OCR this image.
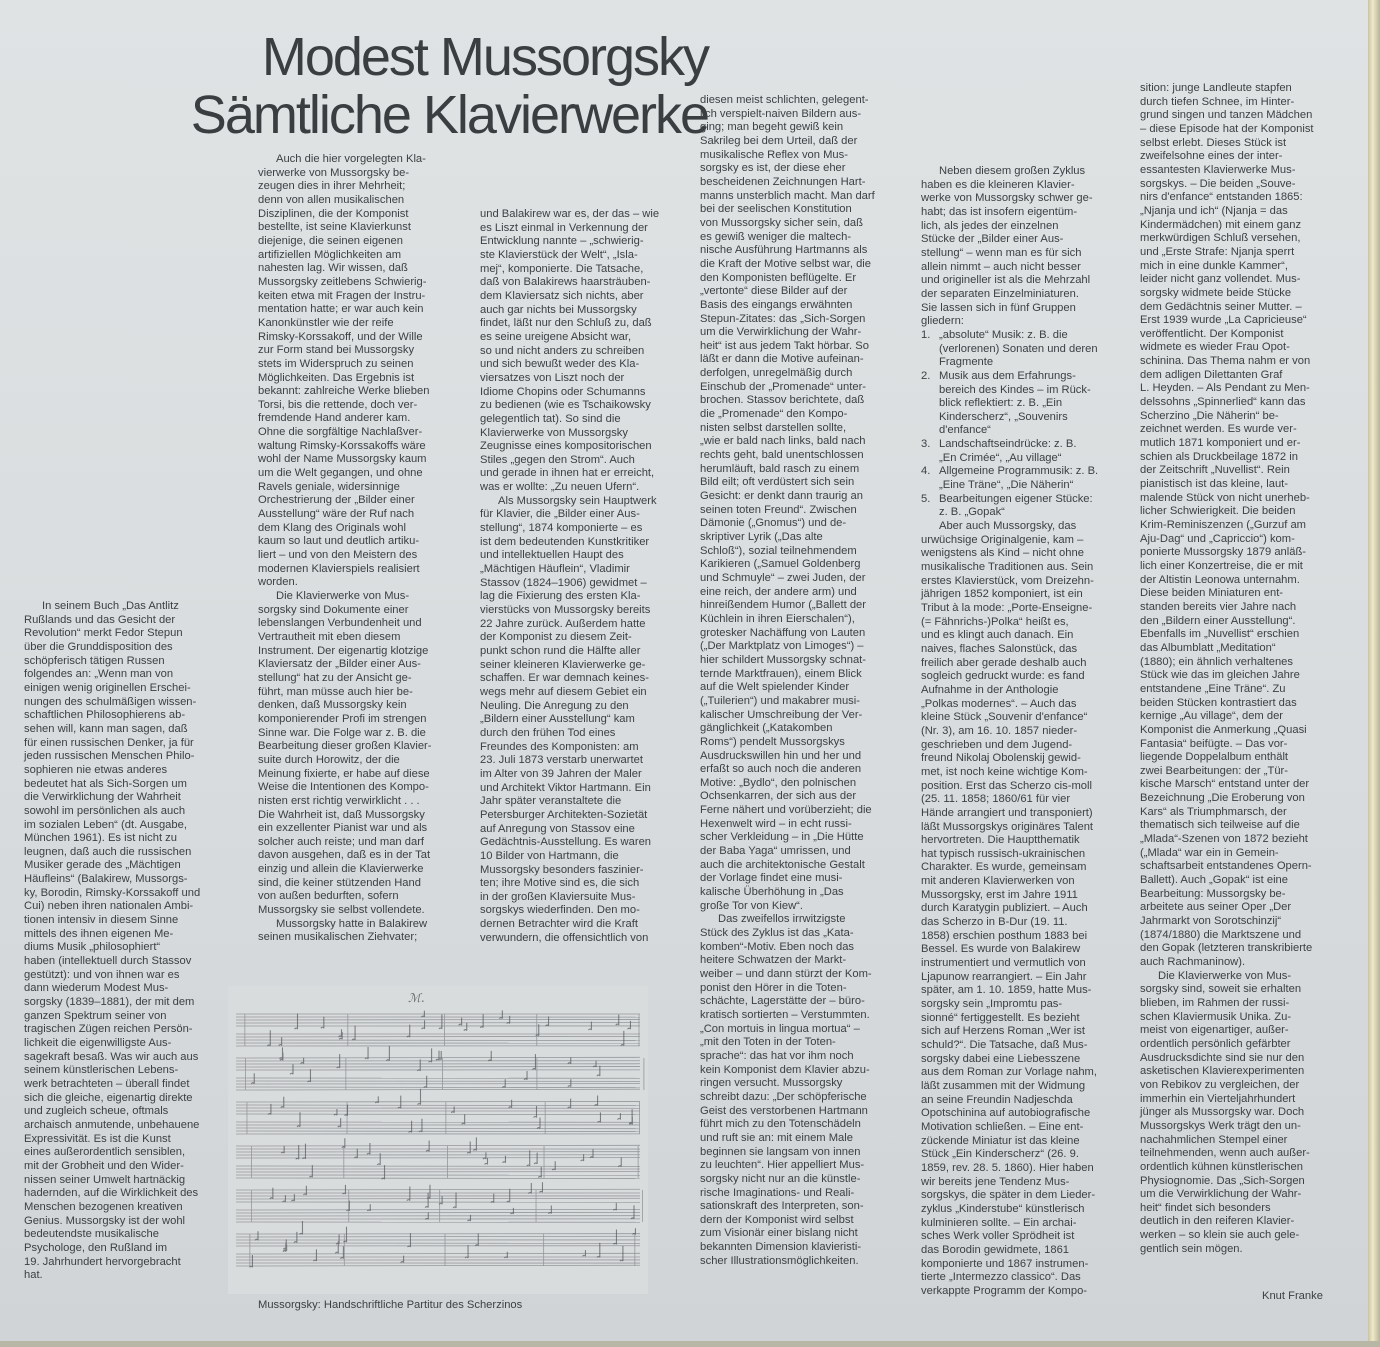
Modest Mussorgsky
Sämtliche Klavierwerke

In seinem Buch „Das Antlitz
Rußlands und das Gesicht der
Revolution“ merkt Fedor Stepun
über die Grunddisposition des
schöpferisch tätigen Russen
folgendes an: „Wenn man von
einigen wenig originellen Erschei-
nungen des schulmäßigen wissen-
schaftlichen Philosophierens ab-
sehen will, kann man sagen, daß
für einen russischen Denker, ja für
jeden russischen Menschen Philo-
sophieren nie etwas anderes
bedeutet hat als Sich-Sorgen um
die Verwirklichung der Wahrheit
sowohl im persönlichen als auch
im sozialen Leben“ (dt. Ausgabe,
München 1961). Es ist nicht zu
leugnen, daß auch die russischen
Musiker gerade des „Mächtigen
Häufleins“ (Balakirew, Mussorgs-
ky, Borodin, Rimsky-Korssakoff und
Cui) neben ihren nationalen Ambi-
tionen intensiv in diesem Sinne
mittels des ihnen eigenen Me-
diums Musik „philosophiert“
haben (intellektuell durch Stassov
gestützt): und von ihnen war es
dann wiederum Modest Mus-
sorgsky (1839–1881), der mit dem
ganzen Spektrum seiner von
tragischen Zügen reichen Persön-
lichkeit die eigenwilligste Aus-
sagekraft besaß. Was wir auch aus
seinem künstlerischen Lebens-
werk betrachteten – überall findet
sich die gleiche, eigenartig direkte
und zugleich scheue, oftmals
archaisch anmutende, unbehauene
Expressivität. Es ist die Kunst
eines außerordentlich sensiblen,
mit der Grobheit und den Wider-
nissen seiner Umwelt hartnäckig
hadernden, auf die Wirklichkeit des
Menschen bezogenen kreativen
Genius. Mussorgsky ist der wohl
bedeutendste musikalische
Psychologe, den Rußland im
19. Jahrhundert hervorgebracht
hat.

Auch die hier vorgelegten Kla-
vierwerke von Mussorgsky be-
zeugen dies in ihrer Mehrheit;
denn von allen musikalischen
Disziplinen, die der Komponist
bestellte, ist seine Klavierkunst
diejenige, die seinen eigenen
artifiziellen Möglichkeiten am
nahesten lag. Wir wissen, daß
Mussorgsky zeitlebens Schwierig-
keiten etwa mit Fragen der Instru-
mentation hatte; er war auch kein
Kanonkünstler wie der reife
Rimsky-Korssakoff, und der Wille
zur Form stand bei Mussorgsky
stets im Widerspruch zu seinen
Möglichkeiten. Das Ergebnis ist
bekannt: zahlreiche Werke blieben
Torsi, bis die rettende, doch ver-
fremdende Hand anderer kam.
Ohne die sorgfältige Nachlaßver-
waltung Rimsky-Korssakoffs wäre
wohl der Name Mussorgsky kaum
um die Welt gegangen, und ohne
Ravels geniale, widersinnige
Orchestrierung der „Bilder einer
Ausstellung“ wäre der Ruf nach
dem Klang des Originals wohl
kaum so laut und deutlich artiku-
liert – und von den Meistern des
modernen Klavierspiels realisiert
worden.

Die Klavierwerke von Mus-
sorgsky sind Dokumente einer
lebenslangen Verbundenheit und
Vertrautheit mit eben diesem
Instrument. Der eigenartig klotzige
Klaviersatz der „Bilder einer Aus-
stellung“ hat zu der Ansicht ge-
führt, man müsse auch hier be-
denken, daß Mussorgsky kein
komponierender Profi im strengen
Sinne war. Die Folge war z. B. die
Bearbeitung dieser großen Klavier-
suite durch Horowitz, der die
Meinung fixierte, er habe auf diese
Weise die Intentionen des Kompo-
nisten erst richtig verwirklicht . . .
Die Wahrheit ist, daß Mussorgsky
ein exzellenter Pianist war und als
solcher auch reiste; und man darf
davon ausgehen, daß es in der Tat
einzig und allein die Klavierwerke
sind, die keiner stützenden Hand
von außen bedurften, sofern
Mussorgsky sie selbst vollendete.

Mussorgsky hatte in Balakirew
seinen musikalischen Ziehvater;

und Balakirew war es, der das – wie
es Liszt einmal in Verkennung der
Entwicklung nannte – „schwierig-
ste Klavierstück der Welt“, „Isla-
mej“, komponierte. Die Tatsache,
daß von Balakirews haarsträuben-
dem Klaviersatz sich nichts, aber
auch gar nichts bei Mussorgsky
findet, läßt nur den Schluß zu, daß
es seine ureigene Absicht war,
so und nicht anders zu schreiben
und sich bewußt weder des Kla-
viersatzes von Liszt noch der
Idiome Chopins oder Schumanns
zu bedienen (wie es Tschaikowsky
gelegentlich tat). So sind die
Klavierwerke von Mussorgsky
Zeugnisse eines kompositorischen
Stiles „gegen den Strom“. Auch
und gerade in ihnen hat er erreicht,
was er wollte: „Zu neuen Ufern“.

Als Mussorgsky sein Hauptwerk
für Klavier, die „Bilder einer Aus-
stellung“, 1874 komponierte – es
ist dem bedeutenden Kunstkritiker
und intellektuellen Haupt des
„Mächtigen Häuflein“, Vladimir
Stassov (1824–1906) gewidmet –
lag die Fixierung des ersten Kla-
vierstücks von Mussorgsky bereits
22 Jahre zurück. Außerdem hatte
der Komponist zu diesem Zeit-
punkt schon rund die Hälfte aller
seiner kleineren Klavierwerke ge-
schaffen. Er war demnach keines-
wegs mehr auf diesem Gebiet ein
Neuling. Die Anregung zu den
„Bildern einer Ausstellung“ kam
durch den frühen Tod eines
Freundes des Komponisten: am
23. Juli 1873 verstarb unerwartet
im Alter von 39 Jahren der Maler
und Architekt Viktor Hartmann. Ein
Jahr später veranstaltete die
Petersburger Architekten-Sozietät
auf Anregung von Stassov eine
Gedächtnis-Ausstellung. Es waren
10 Bilder von Hartmann, die
Mussorgsky besonders faszinier-
ten; ihre Motive sind es, die sich
in der großen Klaviersuite Mus-
sorgskys wiederfinden. Den mo-
dernen Betrachter wird die Kraft
verwundern, die offensichtlich von

diesen meist schlichten, gelegent-
lich verspielt-naiven Bildern aus-
ging; man begeht gewiß kein
Sakrileg bei dem Urteil, daß der
musikalische Reflex von Mus-
sorgsky es ist, der diese eher
bescheidenen Zeichnungen Hart-
manns unsterblich macht. Man darf
bei der seelischen Konstitution
von Mussorgsky sicher sein, daß
es gewiß weniger die maltech-
nische Ausführung Hartmanns als
die Kraft der Motive selbst war, die
den Komponisten beflügelte. Er
„vertonte“ diese Bilder auf der
Basis des eingangs erwähnten
Stepun-Zitates: das „Sich-Sorgen
um die Verwirklichung der Wahr-
heit“ ist aus jedem Takt hörbar. So
läßt er dann die Motive aufeinan-
derfolgen, unregelmäßig durch
Einschub der „Promenade“ unter-
brochen. Stassov berichtete, daß
die „Promenade“ den Kompo-
nisten selbst darstellen sollte,
„wie er bald nach links, bald nach
rechts geht, bald unentschlossen
herumläuft, bald rasch zu einem
Bild eilt; oft verdüstert sich sein
Gesicht: er denkt dann traurig an
seinen toten Freund“. Zwischen
Dämonie („Gnomus“) und de-
skriptiver Lyrik („Das alte
Schloß“), sozial teilnehmendem
Karikieren („Samuel Goldenberg
und Schmuyle“ – zwei Juden, der
eine reich, der andere arm) und
hinreißendem Humor („Ballett der
Küchlein in ihren Eierschalen“),
grotesker Nachäffung von Lauten
(„Der Marktplatz von Limoges“) –
hier schildert Mussorgsky schnat-
ternde Marktfrauen), einem Blick
auf die Welt spielender Kinder
(„Tuilerien“) und makabrer musi-
kalischer Umschreibung der Ver-
gänglichkeit („Katakomben
Roms“) pendelt Mussorgskys
Ausdruckswillen hin und her und
erfaßt so auch noch die anderen
Motive: „Bydlo“, den polnischen
Ochsenkarren, der sich aus der
Ferne nähert und vorüberzieht; die
Hexenwelt wird – in echt russi-
scher Verkleidung – in „Die Hütte
der Baba Yaga“ umrissen, und
auch die architektonische Gestalt
der Vorlage findet eine musi-
kalische Überhöhung in „Das
große Tor von Kiew“.

Das zweifellos irrwitzigste
Stück des Zyklus ist das „Kata-
komben“-Motiv. Eben noch das
heitere Schwatzen der Markt-
weiber – und dann stürzt der Kom-
ponist den Hörer in die Toten-
schächte, Lagerstätte der – büro-
kratisch sortierten – Verstummten.
„Con mortuis in lingua mortua“ –
„mit den Toten in der Toten-
sprache“: das hat vor ihm noch
kein Komponist dem Klavier abzu-
ringen versucht. Mussorgsky
schreibt dazu: „Der schöpferische
Geist des verstorbenen Hartmann
führt mich zu den Totenschädeln
und ruft sie an: mit einem Male
beginnen sie langsam von innen
zu leuchten“. Hier appelliert Mus-
sorgsky nicht nur an die künstle-
rische Imaginations- und Reali-
sationskraft des Interpreten, son-
dern der Komponist wird selbst
zum Visionär einer bislang nicht
bekannten Dimension klavieristi-
scher Illustrationsmöglichkeiten.

Neben diesem großen Zyklus
haben es die kleineren Klavier-
werke von Mussorgsky schwer ge-
habt; das ist insofern eigentüm-
lich, als jedes der einzelnen
Stücke der „Bilder einer Aus-
stellung“ – wenn man es für sich
allein nimmt – auch nicht besser
und origineller ist als die Mehrzahl
der separaten Einzelminiaturen.
Sie lassen sich in fünf Gruppen
gliedern:

1. „absolute“ Musik: z. B. die
(verlorenen) Sonaten und deren
Fragmente
2. Musik aus dem Erfahrungs-
bereich des Kindes – im Rück-
blick reflektiert: z. B. „Ein
Kinderscherz“, „Souvenirs
d'enfance“
3. Landschaftseindrücke: z. B.
„En Crimée“, „Au village“
4. Allgemeine Programmusik: z. B.
„Eine Träne“, „Die Näherin“
5. Bearbeitungen eigener Stücke:
z. B. „Gopak“

Aber auch Mussorgsky, das
urwüchsige Originalgenie, kam –
wenigstens als Kind – nicht ohne
musikalische Traditionen aus. Sein
erstes Klavierstück, vom Dreizehn-
jährigen 1852 komponiert, ist ein
Tribut à la mode: „Porte-Enseigne-
(= Fähnrichs-)Polka“ heißt es,
und es klingt auch danach. Ein
naives, flaches Salonstück, das
freilich aber gerade deshalb auch
sogleich gedruckt wurde: es fand
Aufnahme in der Anthologie
„Polkas modernes“. – Auch das
kleine Stück „Souvenir d'enfance“
(Nr. 3), am 16. 10. 1857 nieder-
geschrieben und dem Jugend-
freund Nikolaj Obolenskij gewid-
met, ist noch keine wichtige Kom-
position. Erst das Scherzo cis-moll
(25. 11. 1858; 1860/61 für vier
Hände arrangiert und transponiert)
läßt Mussorgskys originäres Talent
hervortreten. Die Hauptthematik
hat typisch russisch-ukrainischen
Charakter. Es wurde, gemeinsam
mit anderen Klavierwerken von
Mussorgsky, erst im Jahre 1911
durch Karatygin publiziert. – Auch
das Scherzo in B-Dur (19. 11.
1858) erschien posthum 1883 bei
Bessel. Es wurde von Balakirew
instrumentiert und vermutlich von
Ljapunow rearrangiert. – Ein Jahr
später, am 1. 10. 1859, hatte Mus-
sorgsky sein „Impromtu pas-
sionné“ fertiggestellt. Es bezieht
sich auf Herzens Roman „Wer ist
schuld?“. Die Tatsache, daß Mus-
sorgsky dabei eine Liebesszene
aus dem Roman zur Vorlage nahm,
läßt zusammen mit der Widmung
an seine Freundin Nadjeschda
Opotschinina auf autobiografische
Motivation schließen. – Eine ent-
zückende Miniatur ist das kleine
Stück „Ein Kinderscherz“ (26. 9.
1859, rev. 28. 5. 1860). Hier haben
wir bereits jene Tendenz Mus-
sorgskys, die später in dem Lieder-
zyklus „Kinderstube“ künstlerisch
kulminieren sollte. – Ein archai-
sches Werk voller Sprödheit ist
das Borodin gewidmete, 1861
komponierte und 1867 instrumen-
tierte „Intermezzo classico“. Das
verkappte Programm der Kompo-

sition: junge Landleute stapfen
durch tiefen Schnee, im Hinter-
grund singen und tanzen Mädchen
– diese Episode hat der Komponist
selbst erlebt. Dieses Stück ist
zweifelsohne eines der inter-
essantesten Klavierwerke Mus-
sorgskys. – Die beiden „Souve-
nirs d'enfance“ entstanden 1865:
„Njanja und ich“ (Njanja = das
Kindermädchen) mit einem ganz
merkwürdigen Schluß versehen,
und „Erste Strafe: Njanja sperrt
mich in eine dunkle Kammer“,
leider nicht ganz vollendet. Mus-
sorgsky widmete beide Stücke
dem Gedächtnis seiner Mutter. –
Erst 1939 wurde „La Capricieuse“
veröffentlicht. Der Komponist
widmete es wieder Frau Opot-
schinina. Das Thema nahm er von
dem adligen Dilettanten Graf
L. Heyden. – Als Pendant zu Men-
delssohns „Spinnerlied“ kann das
Scherzino „Die Näherin“ be-
zeichnet werden. Es wurde ver-
mutlich 1871 komponiert und er-
schien als Druckbeilage 1872 in
der Zeitschrift „Nuvellist“. Rein
pianistisch ist das kleine, laut-
malende Stück von nicht unerheb-
licher Schwierigkeit. Die beiden
Krim-Reminiszenzen („Gurzuf am
Aju-Dag“ und „Capriccio“) kom-
ponierte Mussorgsky 1879 anläß-
lich einer Konzertreise, die er mit
der Altistin Leonowa unternahm.
Diese beiden Miniaturen ent-
standen bereits vier Jahre nach
den „Bildern einer Ausstellung“.
Ebenfalls im „Nuvellist“ erschien
das Albumblatt „Meditation“
(1880); ein ähnlich verhaltenes
Stück wie das im gleichen Jahre
entstandene „Eine Träne“. Zu
beiden Stücken kontrastiert das
kernige „Au village“, dem der
Komponist die Anmerkung „Quasi
Fantasia“ beifügte. – Das vor-
liegende Doppelalbum enthält
zwei Bearbeitungen: der „Tür-
kische Marsch“ entstand unter der
Bezeichnung „Die Eroberung von
Kars“ als Triumphmarsch, der
thematisch sich teilweise auf die
„Mlada“-Szenen von 1872 bezieht
(„Mlada“ war ein in Gemein-
schaftsarbeit entstandenes Opern-
Ballett). Auch „Gopak“ ist eine
Bearbeitung: Mussorgsky be-
arbeitete aus seiner Oper „Der
Jahrmarkt von Sorotschinzij“
(1874/1880) die Marktszene und
den Gopak (letzteren transkribierte
auch Rachmaninow).

Die Klavierwerke von Mus-
sorgsky sind, soweit sie erhalten
blieben, im Rahmen der russi-
schen Klaviermusik Unika. Zu-
meist von eigenartiger, außer-
ordentlich persönlich gefärbter
Ausdrucksdichte sind sie nur den
asketischen Klavierexperimenten
von Rebikov zu vergleichen, der
immerhin ein Vierteljahrhundert
jünger als Mussorgsky war. Doch
Mussorgskys Werk trägt den un-
nachahmlichen Stempel einer
teilnehmenden, wenn auch außer-
ordentlich kühnen künstlerischen
Physiognomie. Das „Sich-Sorgen
um die Verwirklichung der Wahr-
heit“ findet sich besonders
deutlich in den reiferen Klavier-
werken – so klein sie auch gele-
gentlich sein mögen.

ℳ.
Mussorgsky: Handschriftliche Partitur des Scherzinos
Knut Franke
